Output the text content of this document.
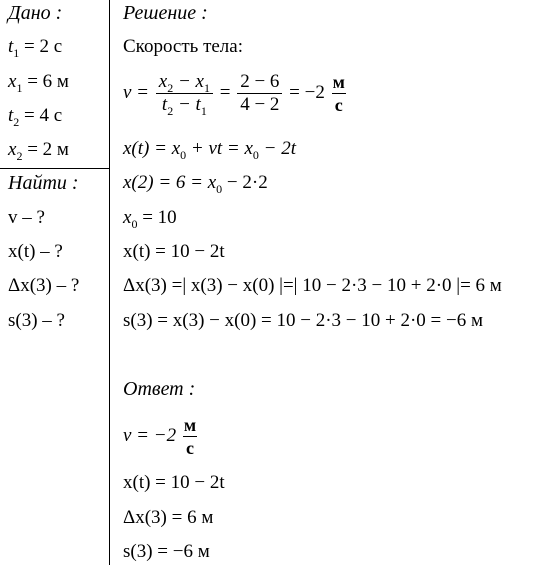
Дано :
$t_1 = 2$ с
$x_1 = 6$ м
$t_2 = 4$ с
$x_2 = 2$ м
Найти :
v – ?
x(t) – ?
Δx(3) – ?
s(3) – ?
Решение :
Скорость тела:
$v = \frac{x_2 - x_1}{t_2 - t_1} = \frac{2 - 6}{4 - 2} = -2 \frac{м}{с}$
$x(t) = x_0$ + vt = $x_0 - 2t$
$x(2) = 6 = x_0 - 2\cdot 2$
$x_0 = 10$
x(t) = 10 − 2t
Δx(3) =| x(3) − x(0) |=| 10 − 2·3 − 10 + 2·0 |= 6 м
s(3) = x(3) − x(0) = 10 − 2·3 − 10 + 2·0 = −6 м
Ответ :
$v = -2 \frac{м}{с}$
x(t) = 10 − 2t
Δx(3) = 6 м
s(3) = −6 м
